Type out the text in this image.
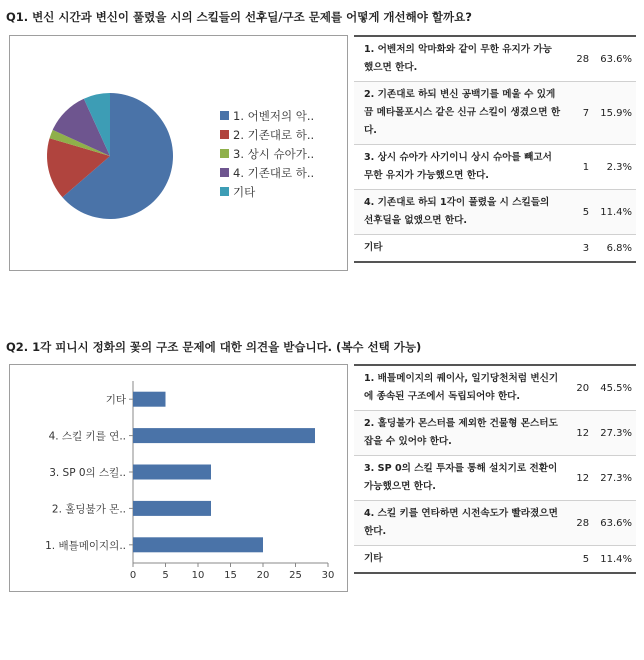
Q1. 변신 시간과 변신이 풀렸을 시의 스킬들의 선후딜/구조 문제를 어떻게 개선해야 할까요?
1. 어벤저의 악..
2. 기존대로 하..
3. 상시 슈아가..
4. 기존대로 하..
기타
1. 어벤저의 악마화와 같이 무한 유지가 가능했으면 한다.	28	63.6%
2. 기존대로 하되 변신 공백기를 메울 수 있게끔 메타몰포시스 같은 신규 스킬이 생겼으면 한다.	7	15.9%
3. 상시 슈아가 사기이니 상시 슈아를 빼고서 무한 유지가 가능했으면 한다.	1	2.3%
4. 기존대로 하되 1각이 풀렸을 시 스킬들의 선후딜을 없앴으면 한다.	5	11.4%
기타	3	6.8%
Q2. 1각 피니시 정화의 꽃의 구조 문제에 대한 의견을 받습니다. (복수 선택 가능)
1. 배틀메이지의..
2. 홀딩불가 몬..
3. SP 0의 스킬..
4. 스킬 키를 연..
기타
0	5 10 15 20 25 30
1. 배틀메이지의 퀘이사, 일기당천처럼 변신기에 종속된 구조에서 독립되어야 한다.	20	45.5%
2. 홀딩불가 몬스터를 제외한 건물형 몬스터도 잡을 수 있어야 한다.	12	27.3%
3. SP 0의 스킬 투자를 통해 설치기로 전환이 가능했으면 한다.	12	27.3%
4. 스킬 키를 연타하면 시전속도가 빨라졌으면 한다.	28	63.6%
기타	5	11.4%
